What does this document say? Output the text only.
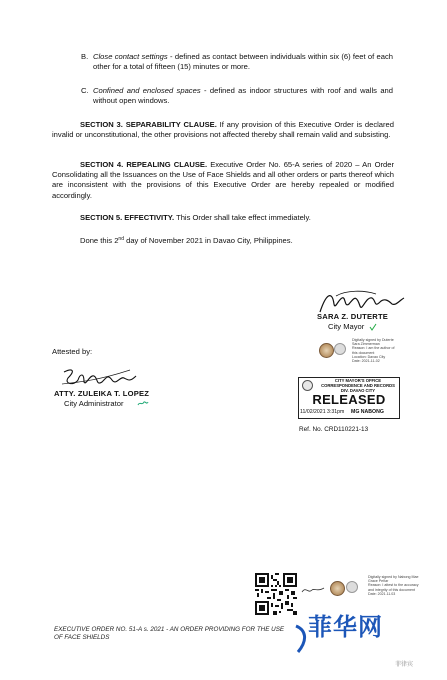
B. Close contact settings - defined as contact between individuals within six (6) feet of each other for a total of fifteen (15) minutes or more.
C. Confined and enclosed spaces - defined as indoor structures with roof and walls and without open windows.
SECTION 3. SEPARABILITY CLAUSE. If any provision of this Executive Order is declared invalid or unconstitutional, the other provisions not affected thereby shall remain valid and subsisting.
SECTION 4. REPEALING CLAUSE. Executive Order No. 65-A series of 2020 – An Order Consolidating all the Issuances on the Use of Face Shields and all other orders or parts thereof which are inconsistent with the provisions of this Executive Order are hereby repealed or modified accordingly.
SECTION 5. EFFECTIVITY. This Order shall take effect immediately.
Done this 2nd day of November 2021 in Davao City, Philippines.
SARA Z. DUTERTE
City Mayor
Digitally signed by Duterte Sara Zimmerman
Reason: I am the author of this document
Location: Davao City
Date: 2021-11-02
Attested by:
ATTY. ZULEIKA T. LOPEZ
City Administrator
CITY MAYOR'S OFFICE CORRESPONDENCE AND RECORDS DIV. DAVAO CITY
RELEASED
11/02/2021 3:31pm MG NABONG
Ref. No. CRD110221-13
Digitally signed by Nabong Mae Grace Peñar
Reason: I attest to the accuracy and integrity of this document
Date: 2021.11.03
EXECUTIVE ORDER NO. 51-A s. 2021 - AN ORDER PROVIDING FOR THE USE OF FACE SHIELDS	菲华网
菲律宾
